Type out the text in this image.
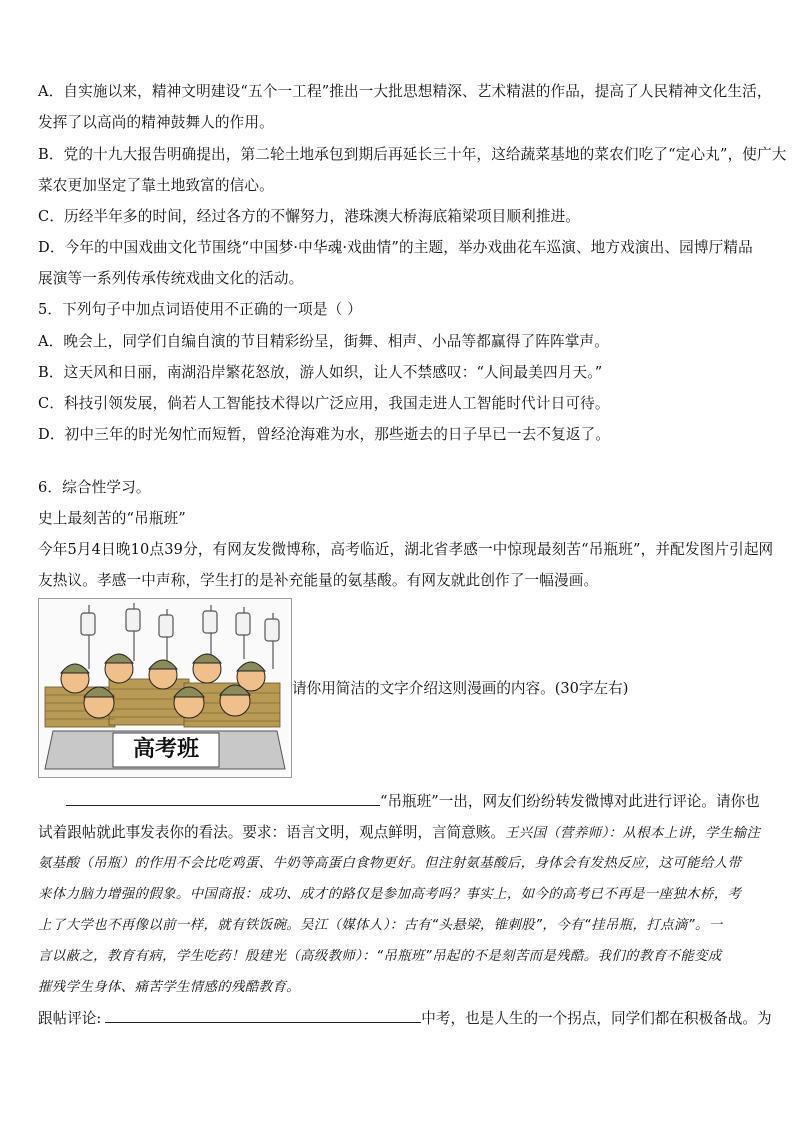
A．自实施以来，精神文明建设“五个一工程”推出一大批思想精深、艺术精湛的作品，提高了人民精神文化生活，
发挥了以高尚的精神鼓舞人的作用。
B．党的十九大报告明确提出，第二轮土地承包到期后再延长三十年，这给蔬菜基地的菜农们吃了“定心丸”，使广大
菜农更加坚定了靠土地致富的信心。
C．历经半年多的时间，经过各方的不懈努力，港珠澳大桥海底箱梁项目顺利推进。
D．今年的中国戏曲文化节围绕“中国梦·中华魂·戏曲情”的主题，举办戏曲花车巡演、地方戏演出、园博厅精品
展演等一系列传承传统戏曲文化的活动。
5．下列句子中加点词语使用不正确的一项是（ ）
A．晚会上，同学们自编自演的节目精彩纷呈，街舞、相声、小品等都赢得了阵阵掌声。
B．这天风和日丽，南湖沿岸繁花怒放，游人如织，让人不禁感叹：“人间最美四月天。”
C．科技引领发展，倘若人工智能技术得以广泛应用，我国走进人工智能时代计日可待。
D．初中三年的时光匆忙而短暂，曾经沧海难为水，那些逝去的日子早已一去不复返了。
6．综合性学习。
史上最刻苦的“吊瓶班”
今年5月4日晚10点39分，有网友发微博称，高考临近，湖北省孝感一中惊现最刻苦“吊瓶班”，并配发图片引起网
友热议。孝感一中声称，学生打的是补充能量的氨基酸。有网友就此创作了一幅漫画。
高考班
请你用简洁的文字介绍这则漫画的内容。(30字左右)
“吊瓶班”一出，网友们纷纷转发微博对此进行评论。请你也
试着跟帖就此事发表你的看法。要求：语言文明，观点鲜明，言简意赅。王兴国（营养师）：从根本上讲，学生输注
氨基酸（吊瓶）的作用不会比吃鸡蛋、牛奶等高蛋白食物更好。但注射氨基酸后，身体会有发热反应，这可能给人带
来体力脑力增强的假象。中国商报：成功、成才的路仅是参加高考吗？事实上，如今的高考已不再是一座独木桥，考
上了大学也不再像以前一样，就有铁饭碗。吴江（媒体人）：古有“头悬梁，锥刺股”，今有“挂吊瓶，打点滴”。一
言以蔽之，教育有病，学生吃药！殷建光（高级教师）：“吊瓶班”吊起的不是刻苦而是残酷。我们的教育不能变成
摧残学生身体、痛苦学生情感的残酷教育。
跟帖评论:	中考，也是人生的一个拐点，同学们都在积极备战。为
